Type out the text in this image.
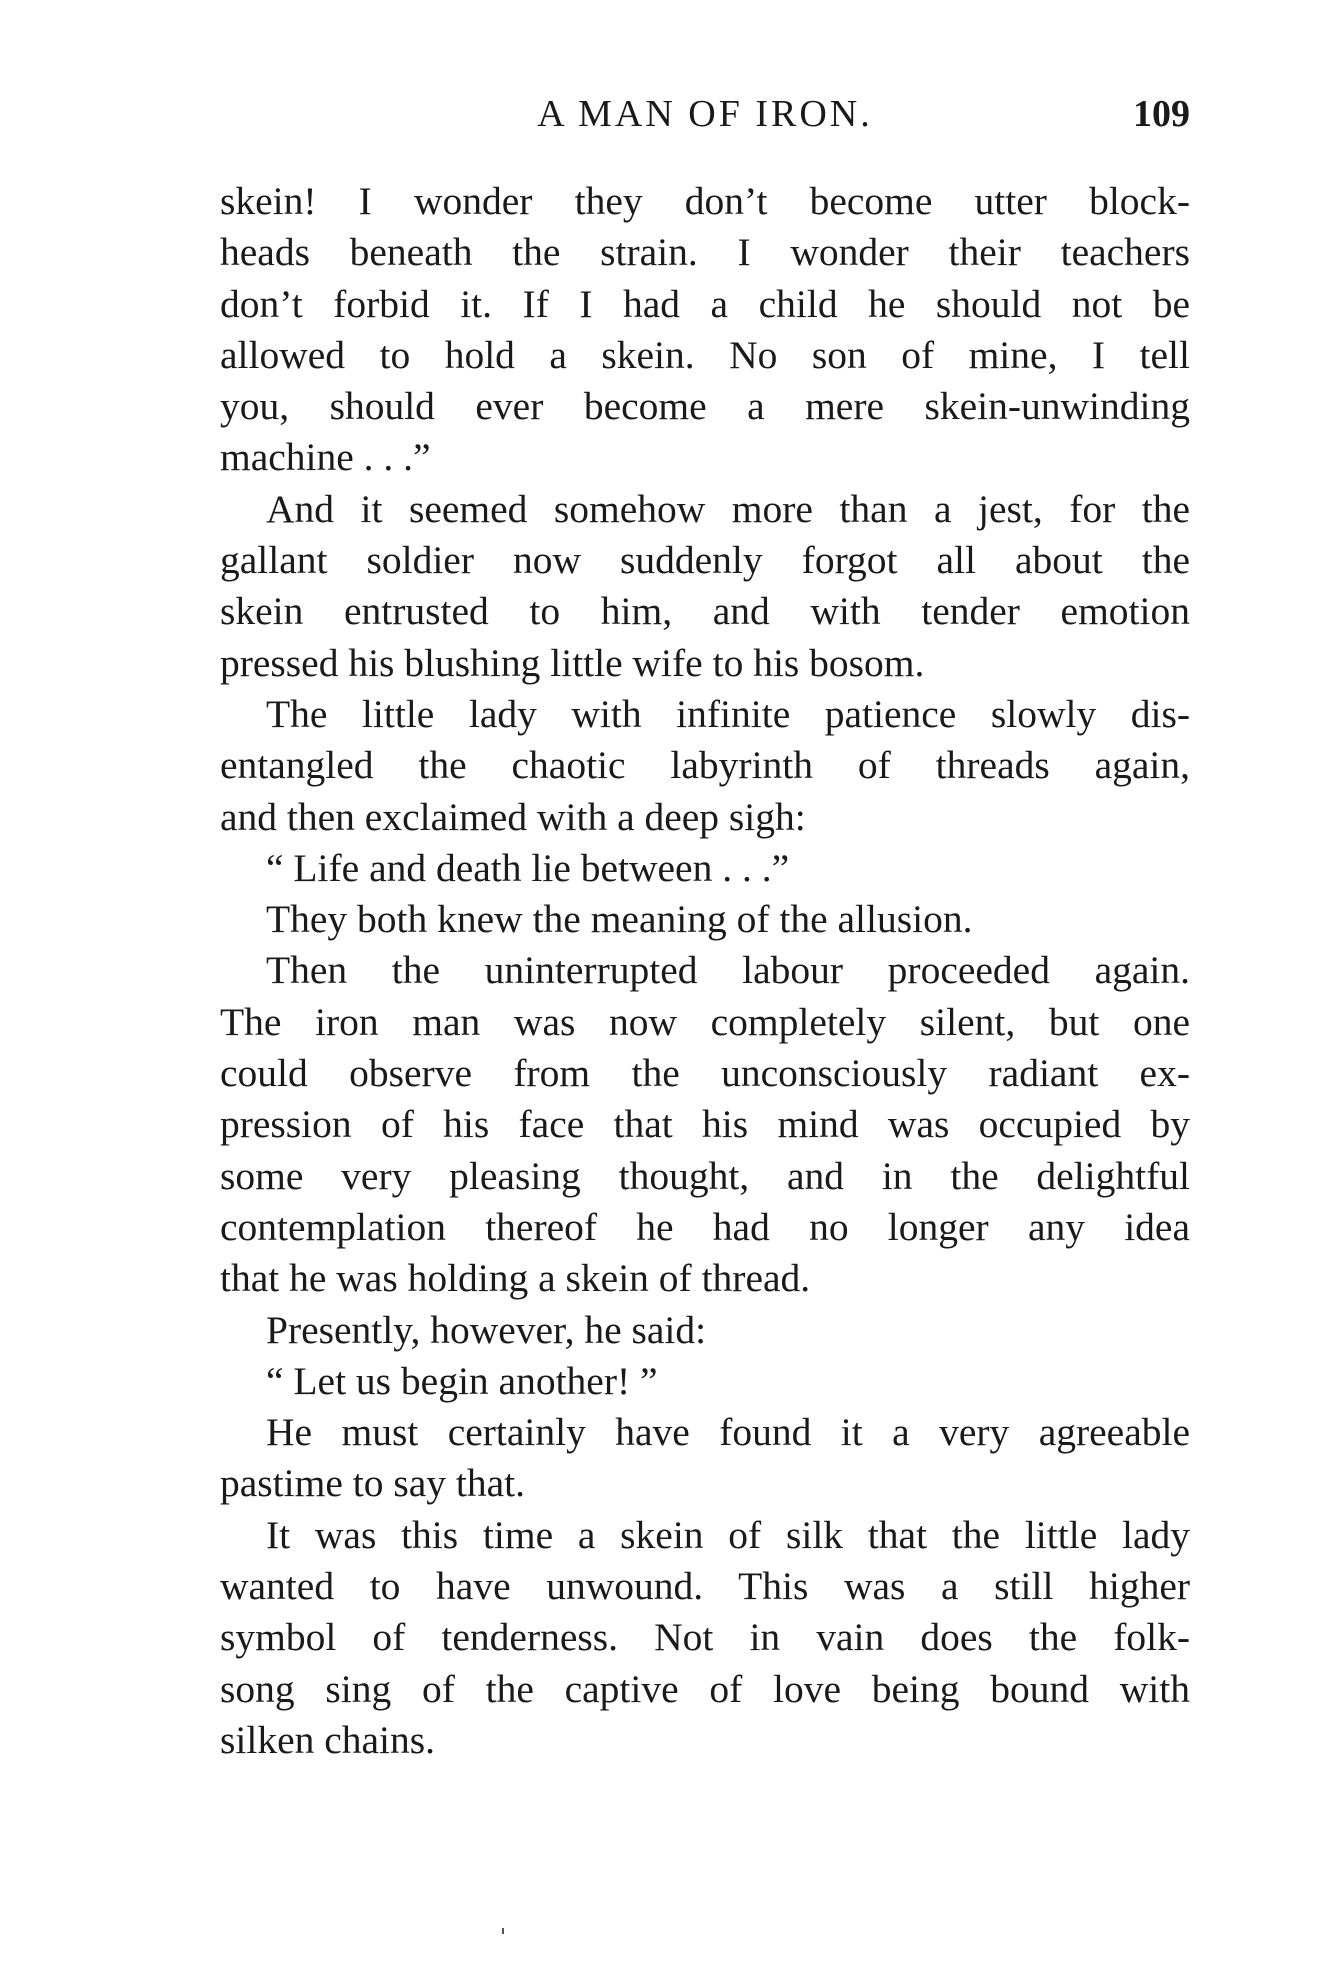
A MAN OF IRON.	109
skein! I wonder they don’t become utter block-
heads beneath the strain. I wonder their teachers
don’t forbid it. If I had a child he should not be
allowed to hold a skein. No son of mine, I tell
you, should ever become a mere skein-unwinding
machine . . .”
And it seemed somehow more than a jest, for the
gallant soldier now suddenly forgot all about the
skein entrusted to him, and with tender emotion
pressed his blushing little wife to his bosom.
The little lady with infinite patience slowly dis-
entangled the chaotic labyrinth of threads again,
and then exclaimed with a deep sigh:
“ Life and death lie between . . .”
They both knew the meaning of the allusion.
Then the uninterrupted labour proceeded again.
The iron man was now completely silent, but one
could observe from the unconsciously radiant ex-
pression of his face that his mind was occupied by
some very pleasing thought, and in the delightful
contemplation thereof he had no longer any idea
that he was holding a skein of thread.
Presently, however, he said:
“ Let us begin another! ”
He must certainly have found it a very agreeable
pastime to say that.
It was this time a skein of silk that the little lady
wanted to have unwound. This was a still higher
symbol of tenderness. Not in vain does the folk-
song sing of the captive of love being bound with
silken chains.
